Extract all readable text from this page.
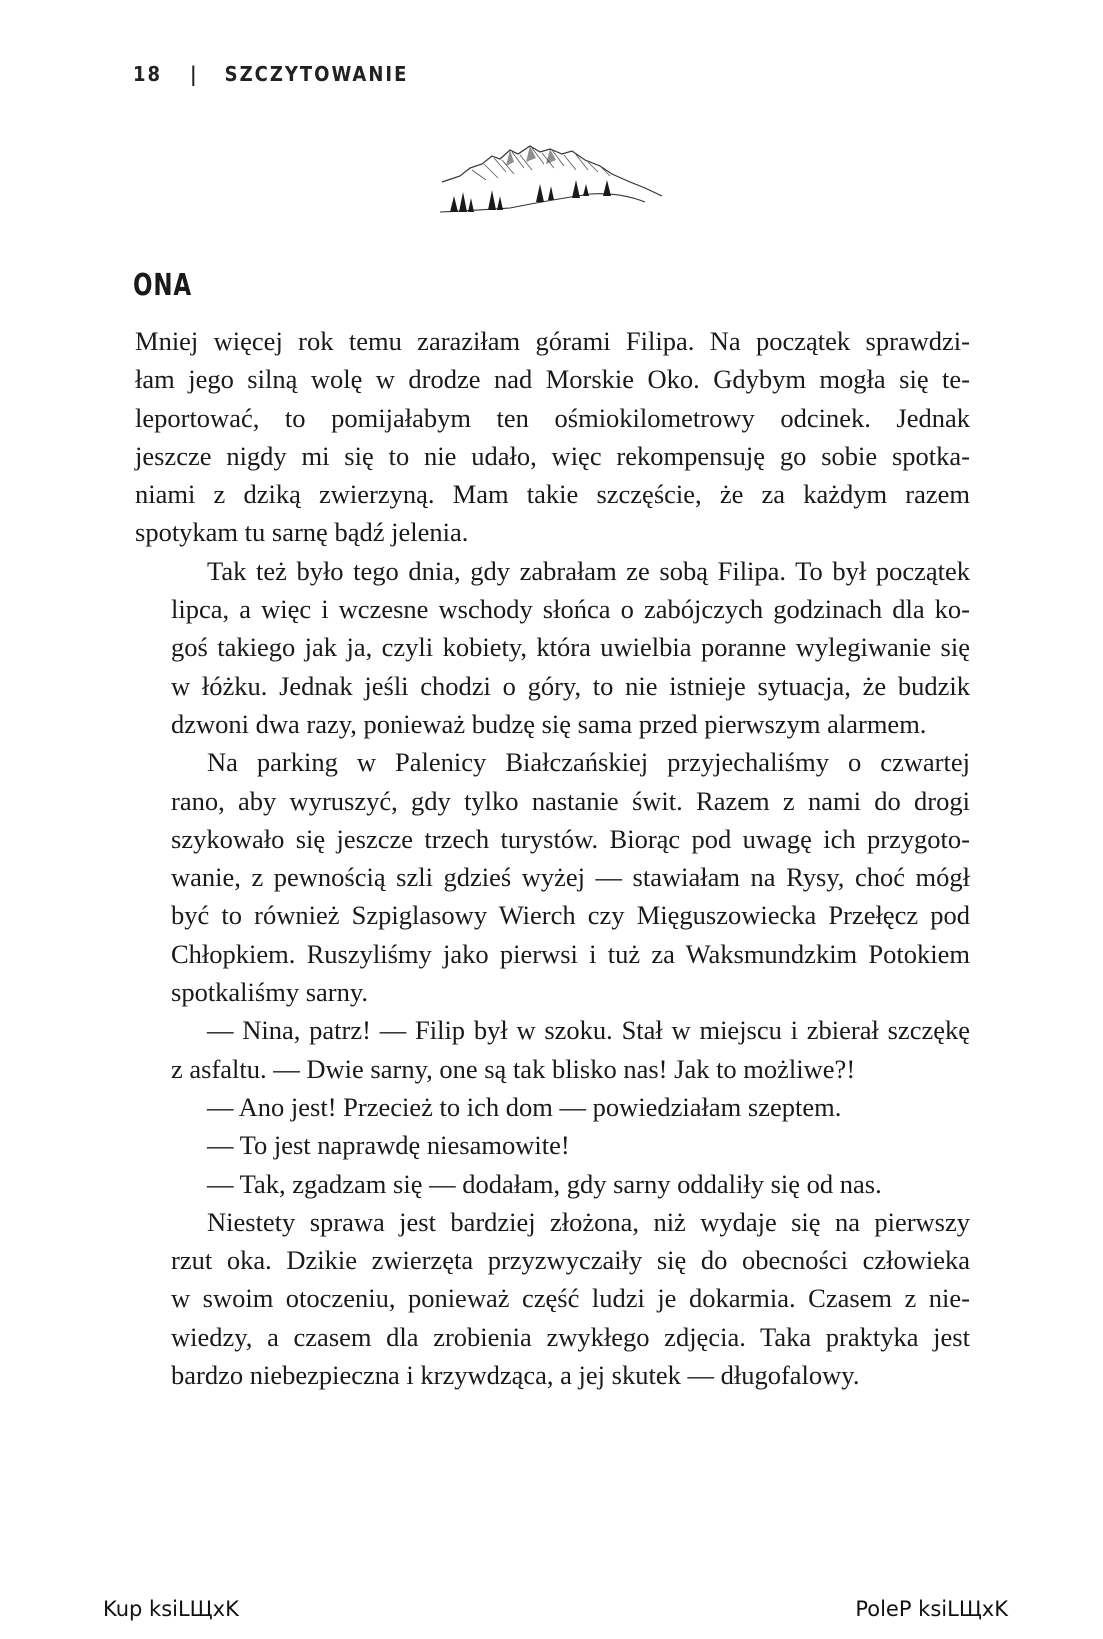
18 | SZCZYTOWANIE
ONA
Mniej więcej rok temu zaraziłam górami Filipa. Na początek sprawdzi-
łam jego silną wolę w drodze nad Morskie Oko. Gdybym mogła się te-
leportować, to pomijałabym ten ośmiokilometrowy odcinek. Jednak
jeszcze nigdy mi się to nie udało, więc rekompensuję go sobie spotka-
niami z dziką zwierzyną. Mam takie szczęście, że za każdym razem
spotykam tu sarnę bądź jelenia.
Tak też było tego dnia, gdy zabrałam ze sobą Filipa. To był początek
lipca, a więc i wczesne wschody słońca o zabójczych godzinach dla ko-
goś takiego jak ja, czyli kobiety, która uwielbia poranne wylegiwanie się
w łóżku. Jednak jeśli chodzi o góry, to nie istnieje sytuacja, że budzik
dzwoni dwa razy, ponieważ budzę się sama przed pierwszym alarmem.
Na parking w Palenicy Białczańskiej przyjechaliśmy o czwartej
rano, aby wyruszyć, gdy tylko nastanie świt. Razem z nami do drogi
szykowało się jeszcze trzech turystów. Biorąc pod uwagę ich przygoto-
wanie, z pewnością szli gdzieś wyżej — stawiałam na Rysy, choć mógł
być to również Szpiglasowy Wierch czy Mięguszowiecka Przełęcz pod
Chłopkiem. Ruszyliśmy jako pierwsi i tuż za Waksmundzkim Potokiem
spotkaliśmy sarny.
— Nina, patrz! — Filip był w szoku. Stał w miejscu i zbierał szczękę
z asfaltu. — Dwie sarny, one są tak blisko nas! Jak to możliwe?!
— Ano jest! Przecież to ich dom — powiedziałam szeptem.
— To jest naprawdę niesamowite!
— Tak, zgadzam się — dodałam, gdy sarny oddaliły się od nas.
Niestety sprawa jest bardziej złożona, niż wydaje się na pierwszy
rzut oka. Dzikie zwierzęta przyzwyczaiły się do obecności człowieka
w swoim otoczeniu, ponieważ część ludzi je dokarmia. Czasem z nie-
wiedzy, a czasem dla zrobienia zwykłego zdjęcia. Taka praktyka jest
bardzo niebezpieczna i krzywdząca, a jej skutek — długofalowy.
Kup ksiLЩxK	PoleP ksiLЩxK
